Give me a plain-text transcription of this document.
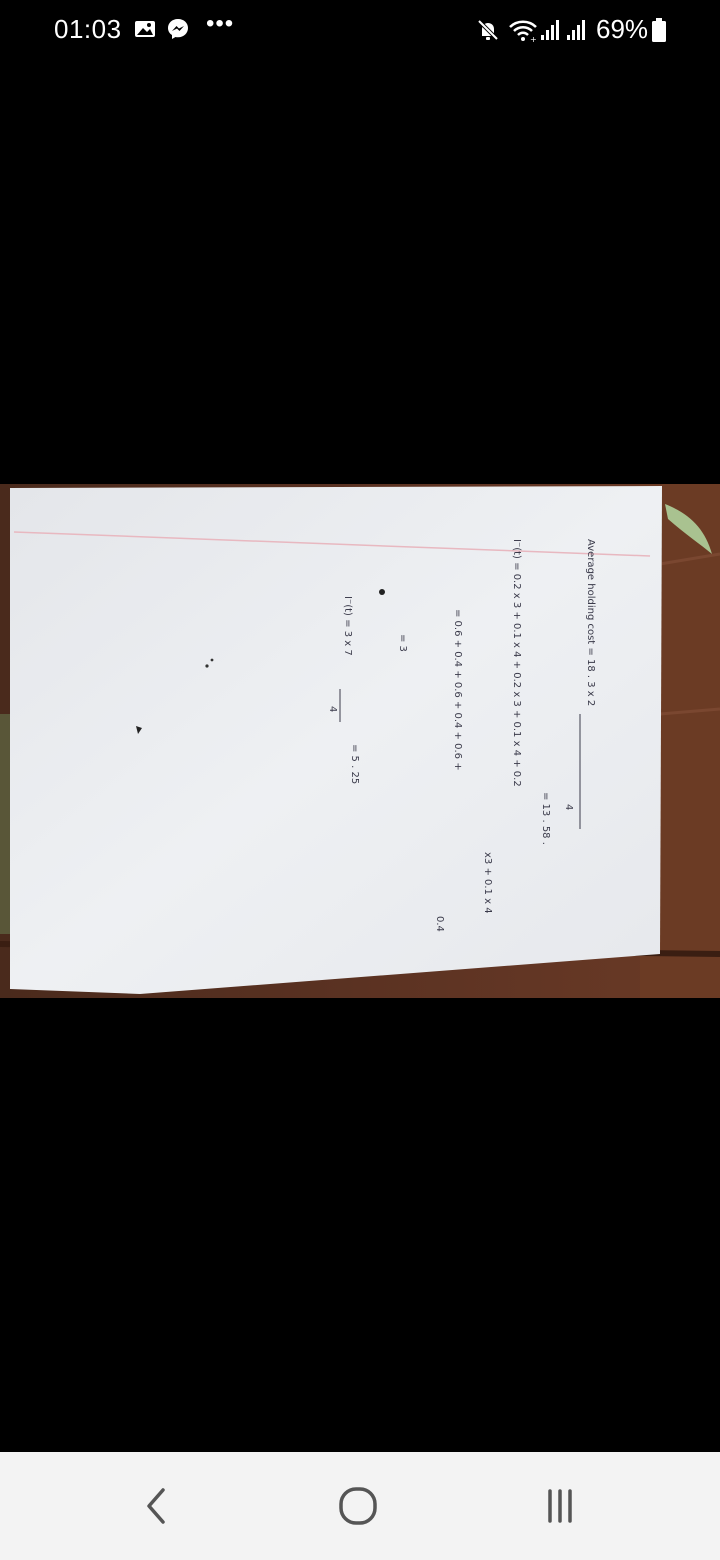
01:03	•••
+ 69%
Average holding cost = 18 . 3 x 2
4
= 13 . 58 .
I⁻(t) = 0.2 x 3 + 0.1 x 4 + 0.2 x 3 + 0.1 x 4 + 0.2
x3 + 0.1 x 4
= 0.6 + 0.4 + 0.6 + 0.4 + 0.6 +
0.4
= 3
I⁻(t) = 3 x 7
4
= 5 . 25
